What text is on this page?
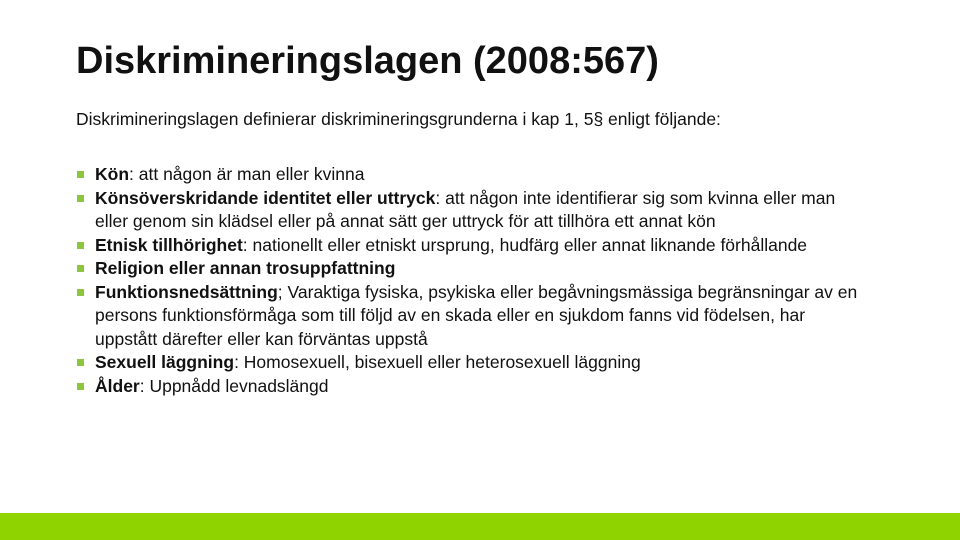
Diskrimineringslagen (2008:567)
Diskrimineringslagen definierar diskrimineringsgrunderna i kap 1, 5§ enligt följande:
Kön: att någon är man eller kvinna
Könsöverskridande identitet eller uttryck: att någon inte identifierar sig som kvinna eller man eller genom sin klädsel eller på annat sätt ger uttryck för att tillhöra ett annat kön
Etnisk tillhörighet: nationellt eller etniskt ursprung, hudfärg eller annat liknande förhållande
Religion eller annan trosuppfattning
Funktionsnedsättning; Varaktiga fysiska, psykiska eller begåvningsmässiga begränsningar av en persons funktionsförmåga som till följd av en skada eller en sjukdom fanns vid födelsen, har uppstått därefter eller kan förväntas uppstå
Sexuell läggning: Homosexuell, bisexuell eller heterosexuell läggning
Ålder: Uppnådd levnadslängd
